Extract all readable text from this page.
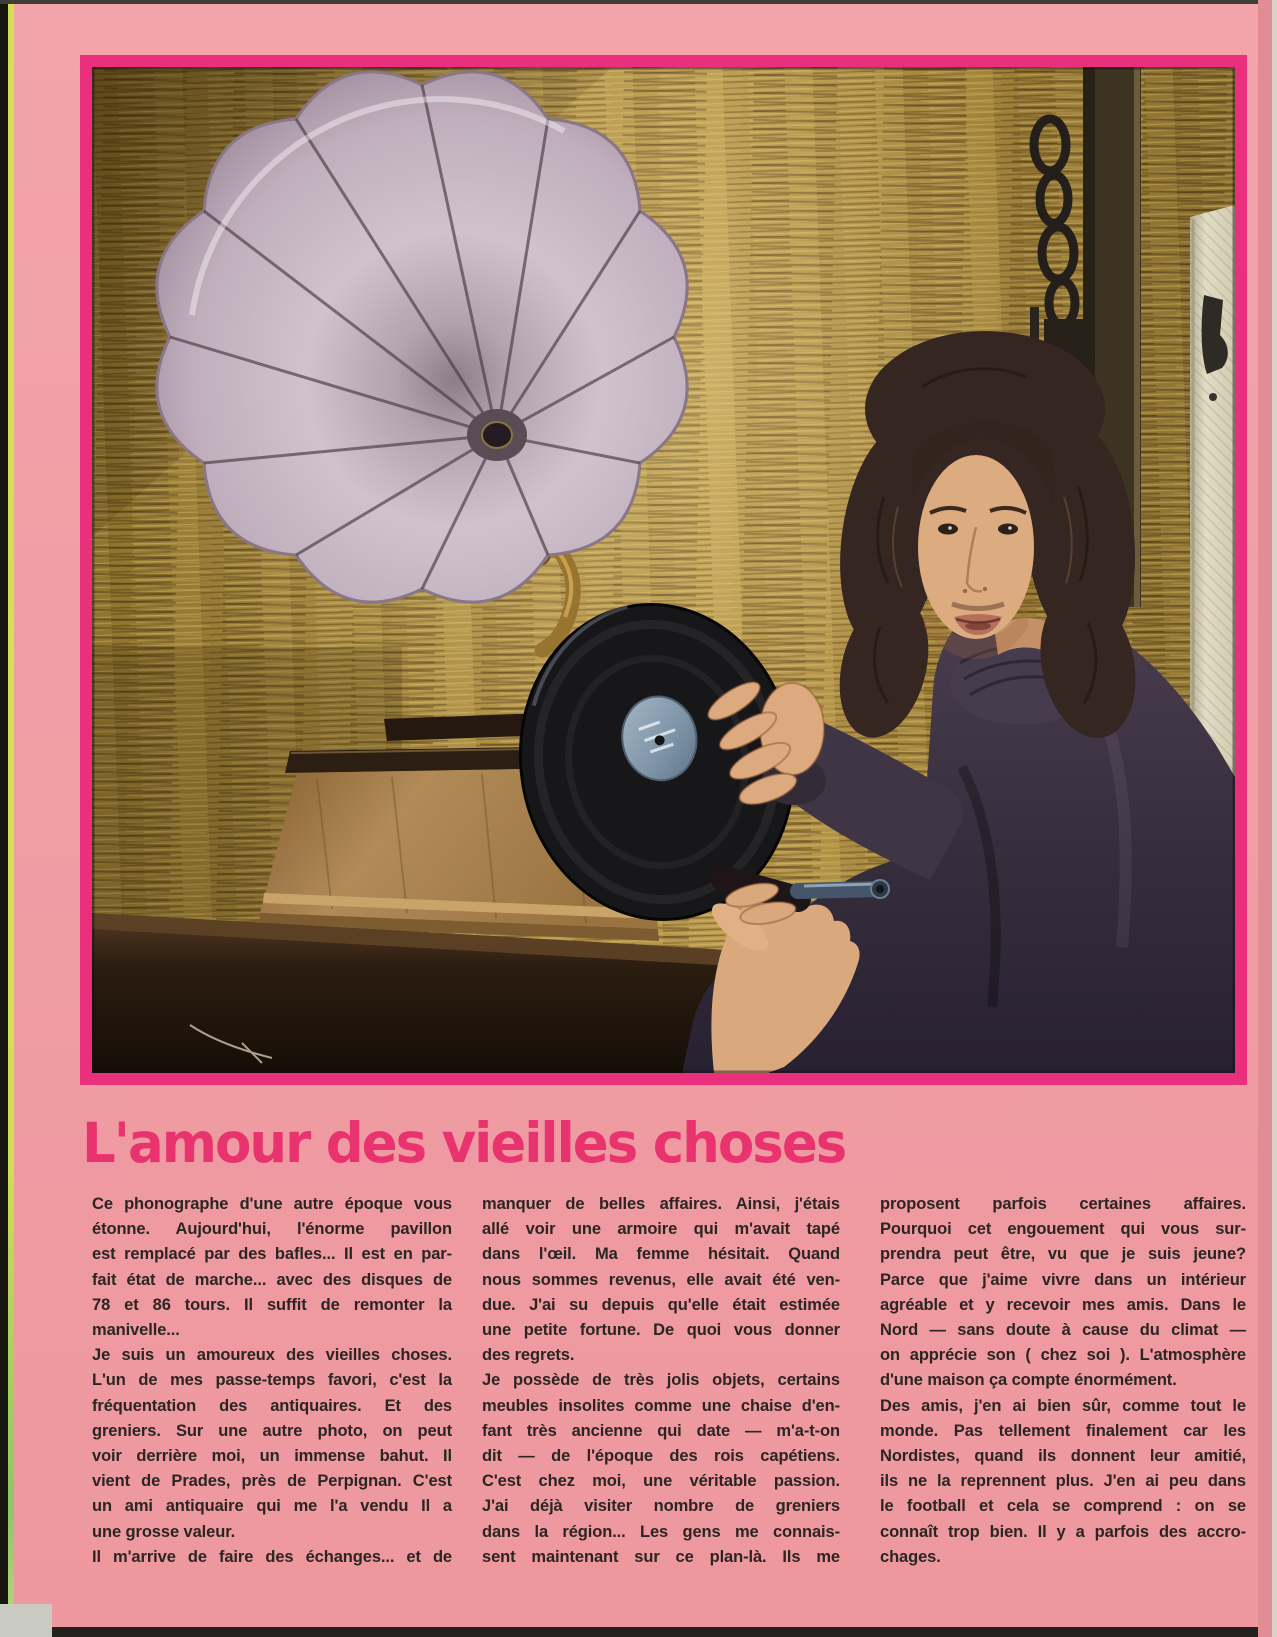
L'amour des vieilles choses
Ce phonographe d'une autre époque vous
étonne. Aujourd'hui, l'énorme pavillon
est remplacé par des bafles... Il est en par-
fait état de marche... avec des disques de
78 et 86 tours. Il suffit de remonter la
manivelle...
Je suis un amoureux des vieilles choses.
L'un de mes passe-temps favori, c'est la
fréquentation des antiquaires. Et des
greniers. Sur une autre photo, on peut
voir derrière moi, un immense bahut. Il
vient de Prades, près de Perpignan. C'est
un ami antiquaire qui me l'a vendu Il a
une grosse valeur.
Il m'arrive de faire des échanges... et de
manquer de belles affaires. Ainsi, j'étais
allé voir une armoire qui m'avait tapé
dans l'œil. Ma femme hésitait. Quand
nous sommes revenus, elle avait été ven-
due. J'ai su depuis qu'elle était estimée
une petite fortune. De quoi vous donner
des regrets.
Je possède de très jolis objets, certains
meubles insolites comme une chaise d'en-
fant très ancienne qui date — m'a-t-on
dit — de l'époque des rois capétiens.
C'est chez moi, une véritable passion.
J'ai déjà visiter nombre de greniers
dans la région... Les gens me connais-
sent maintenant sur ce plan-là. Ils me
proposent parfois certaines affaires.
Pourquoi cet engouement qui vous sur-
prendra peut être, vu que je suis jeune?
Parce que j'aime vivre dans un intérieur
agréable et y recevoir mes amis. Dans le
Nord — sans doute à cause du climat —
on apprécie son ( chez soi ). L'atmosphère
d'une maison ça compte énormément.
Des amis, j'en ai bien sûr, comme tout le
monde. Pas tellement finalement car les
Nordistes, quand ils donnent leur amitié,
ils ne la reprennent plus. J'en ai peu dans
le football et cela se comprend : on se
connaît trop bien. Il y a parfois des accro-
chages.
